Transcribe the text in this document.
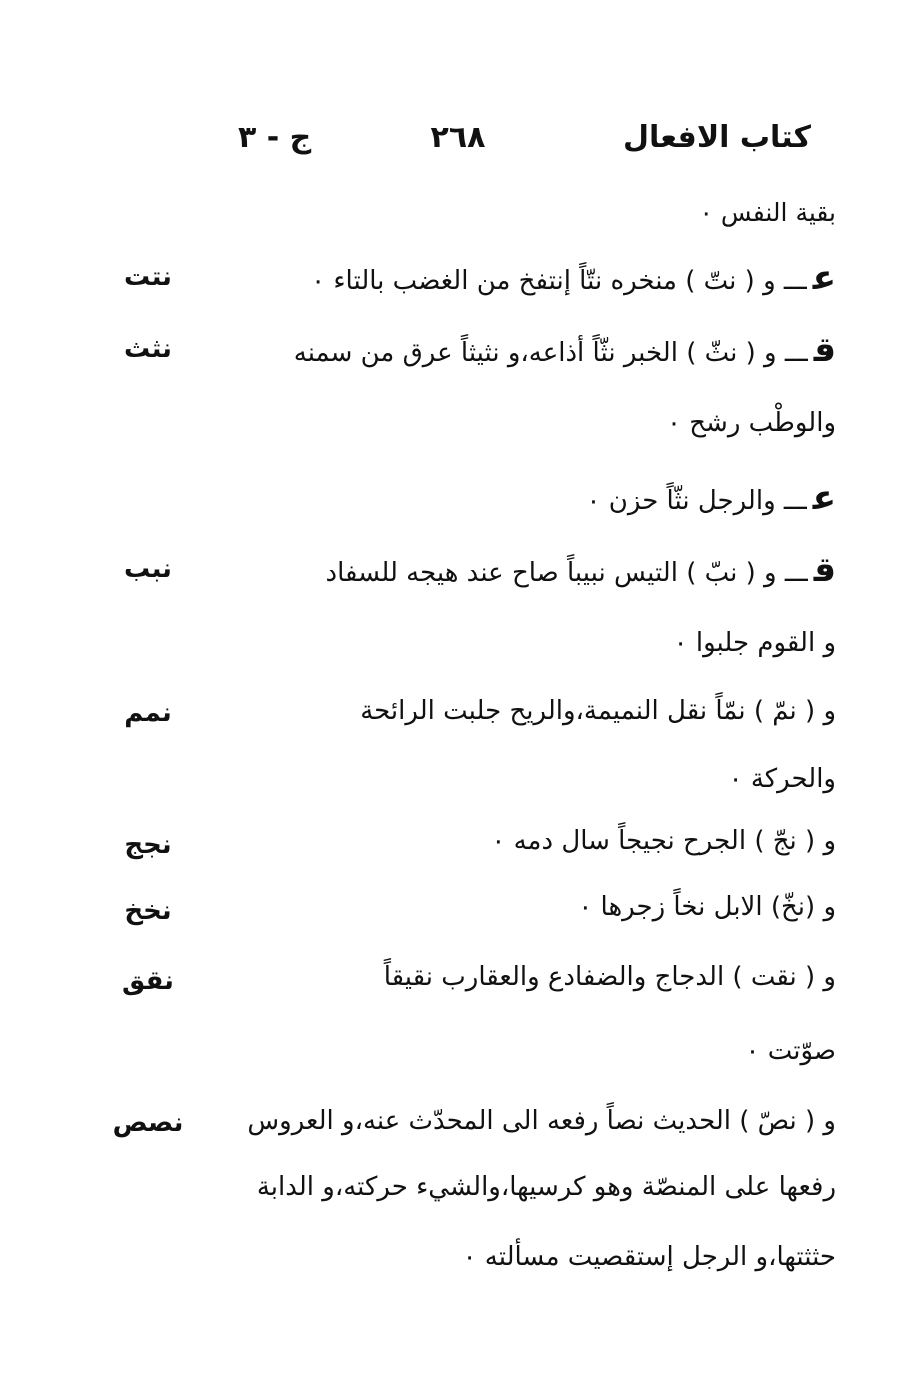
كتاب الافعال
٢٦٨
ج - ٣
بقية النفس ٠
عـــ و ( نتّ ) منخره نتّاً إنتفخ من الغضب بالتاء ٠
نتت
قـــ و ( نثّ ) الخبر نثّاً أذاعه،و نثيثاً عرق من سمنه
نثث
والوطْب رشح ٠
عـــ والرجل نثّاً حزن ٠
قـــ و ( نبّ ) التيس نبيباً صاح عند هيجه للسفاد
نبب
و القوم جلبوا ٠
و ( نمّ ) نمّاً نقل النميمة،والريح جلبت الرائحة
نمم
والحركة ٠
و ( نجّ ) الجرح نجيجاً سال دمه ٠
نجج
و (نخّ) الابل نخاً زجرها ٠
نخخ
و ( نقت ) الدجاج والضفادع والعقارب نقيقاً
نقق
صوّتت ٠
و ( نصّ ) الحديث نصاً رفعه الى المحدّث عنه،و العروس
نصص
رفعها على المنصّة وهو كرسيها،والشيء حركته،و الدابة
حثثتها،و الرجل إستقصيت مسألته ٠
